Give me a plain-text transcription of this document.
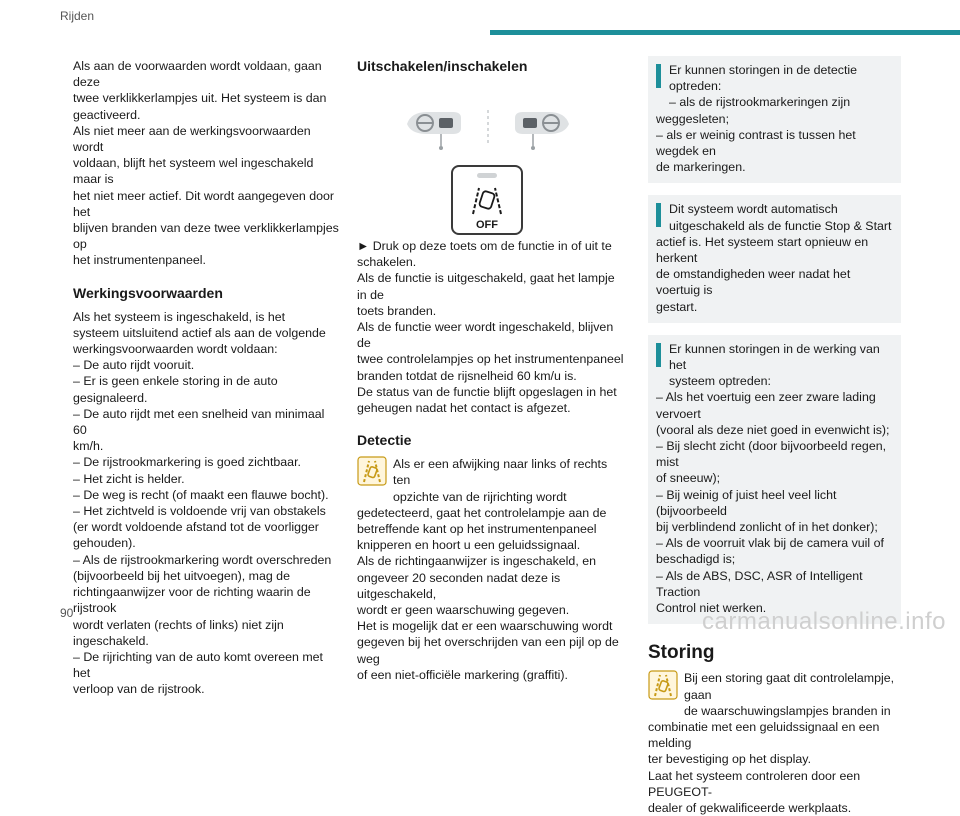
Rijden

Als aan de voorwaarden wordt voldaan, gaan deze

twee verklikkerlampjes uit. Het systeem is dan

geactiveerd.

Als niet meer aan de werkingsvoorwaarden wordt

voldaan, blijft het systeem wel ingeschakeld maar is

het niet meer actief. Dit wordt aangegeven door het

blijven branden van deze twee verklikkerlampjes op

het instrumentenpaneel.

Werkingsvoorwaarden

Als het systeem is ingeschakeld, is het

systeem uitsluitend actief als aan de volgende

werkingsvoorwaarden wordt voldaan:

– De auto rijdt vooruit.

– Er is geen enkele storing in de auto gesignaleerd.

– De auto rijdt met een snelheid van minimaal 60

km/h.

– De rijstrookmarkering is goed zichtbaar.

– Het zicht is helder.

– De weg is recht (of maakt een flauwe bocht).

– Het zichtveld is voldoende vrij van obstakels

(er wordt voldoende afstand tot de voorligger

gehouden).

– Als de rijstrookmarkering wordt overschreden

(bijvoorbeeld bij het uitvoegen), mag de

richtingaanwijzer voor de richting waarin de rijstrook

wordt verlaten (rechts of links) niet zijn ingeschakeld.

– De rijrichting van de auto komt overeen met het

verloop van de rijstrook.

Uitschakelen/inschakelen
OFF

► Druk op deze toets om de functie in of uit te

schakelen.

Als de functie is uitgeschakeld, gaat het lampje in de

toets branden.

Als de functie weer wordt ingeschakeld, blijven de

twee controlelampjes op het instrumentenpaneel

branden totdat de rijsnelheid 60 km/u is.

De status van de functie blijft opgeslagen in het

geheugen nadat het contact is afgezet.

Detectie

Als er een afwijking naar links of rechts ten

opzichte van de rijrichting wordt

gedetecteerd, gaat het controlelampje aan de

betreffende kant op het instrumentenpaneel

knipperen en hoort u een geluidssignaal.

Als de richtingaanwijzer is ingeschakeld, en

ongeveer 20 seconden nadat deze is uitgeschakeld,

wordt er geen waarschuwing gegeven.

Het is mogelijk dat er een waarschuwing wordt

gegeven bij het overschrijden van een pijl op de weg

of een niet-officiële markering (graffiti).

Er kunnen storingen in de detectie optreden:

– als de rijstrookmarkeringen zijn

weggesleten;

– als er weinig contrast is tussen het wegdek en

de markeringen.

Dit systeem wordt automatisch

uitgeschakeld als de functie Stop & Start

actief is. Het systeem start opnieuw en herkent

de omstandigheden weer nadat het voertuig is

gestart.

Er kunnen storingen in de werking van het

systeem optreden:

– Als het voertuig een zeer zware lading vervoert

(vooral als deze niet goed in evenwicht is);

– Bij slecht zicht (door bijvoorbeeld regen, mist

of sneeuw);

– Bij weinig of juist heel veel licht (bijvoorbeeld

bij verblindend zonlicht of in het donker);

– Als de voorruit vlak bij de camera vuil of

beschadigd is;

– Als de ABS, DSC, ASR of Intelligent Traction

Control niet werken.

Storing

Bij een storing gaat dit controlelampje, gaan

de waarschuwingslampjes branden in

combinatie met een geluidssignaal en een melding

ter bevestiging op het display.

Laat het systeem controleren door een PEUGEOT-

dealer of gekwalificeerde werkplaats.

90	carmanualsonline.info
